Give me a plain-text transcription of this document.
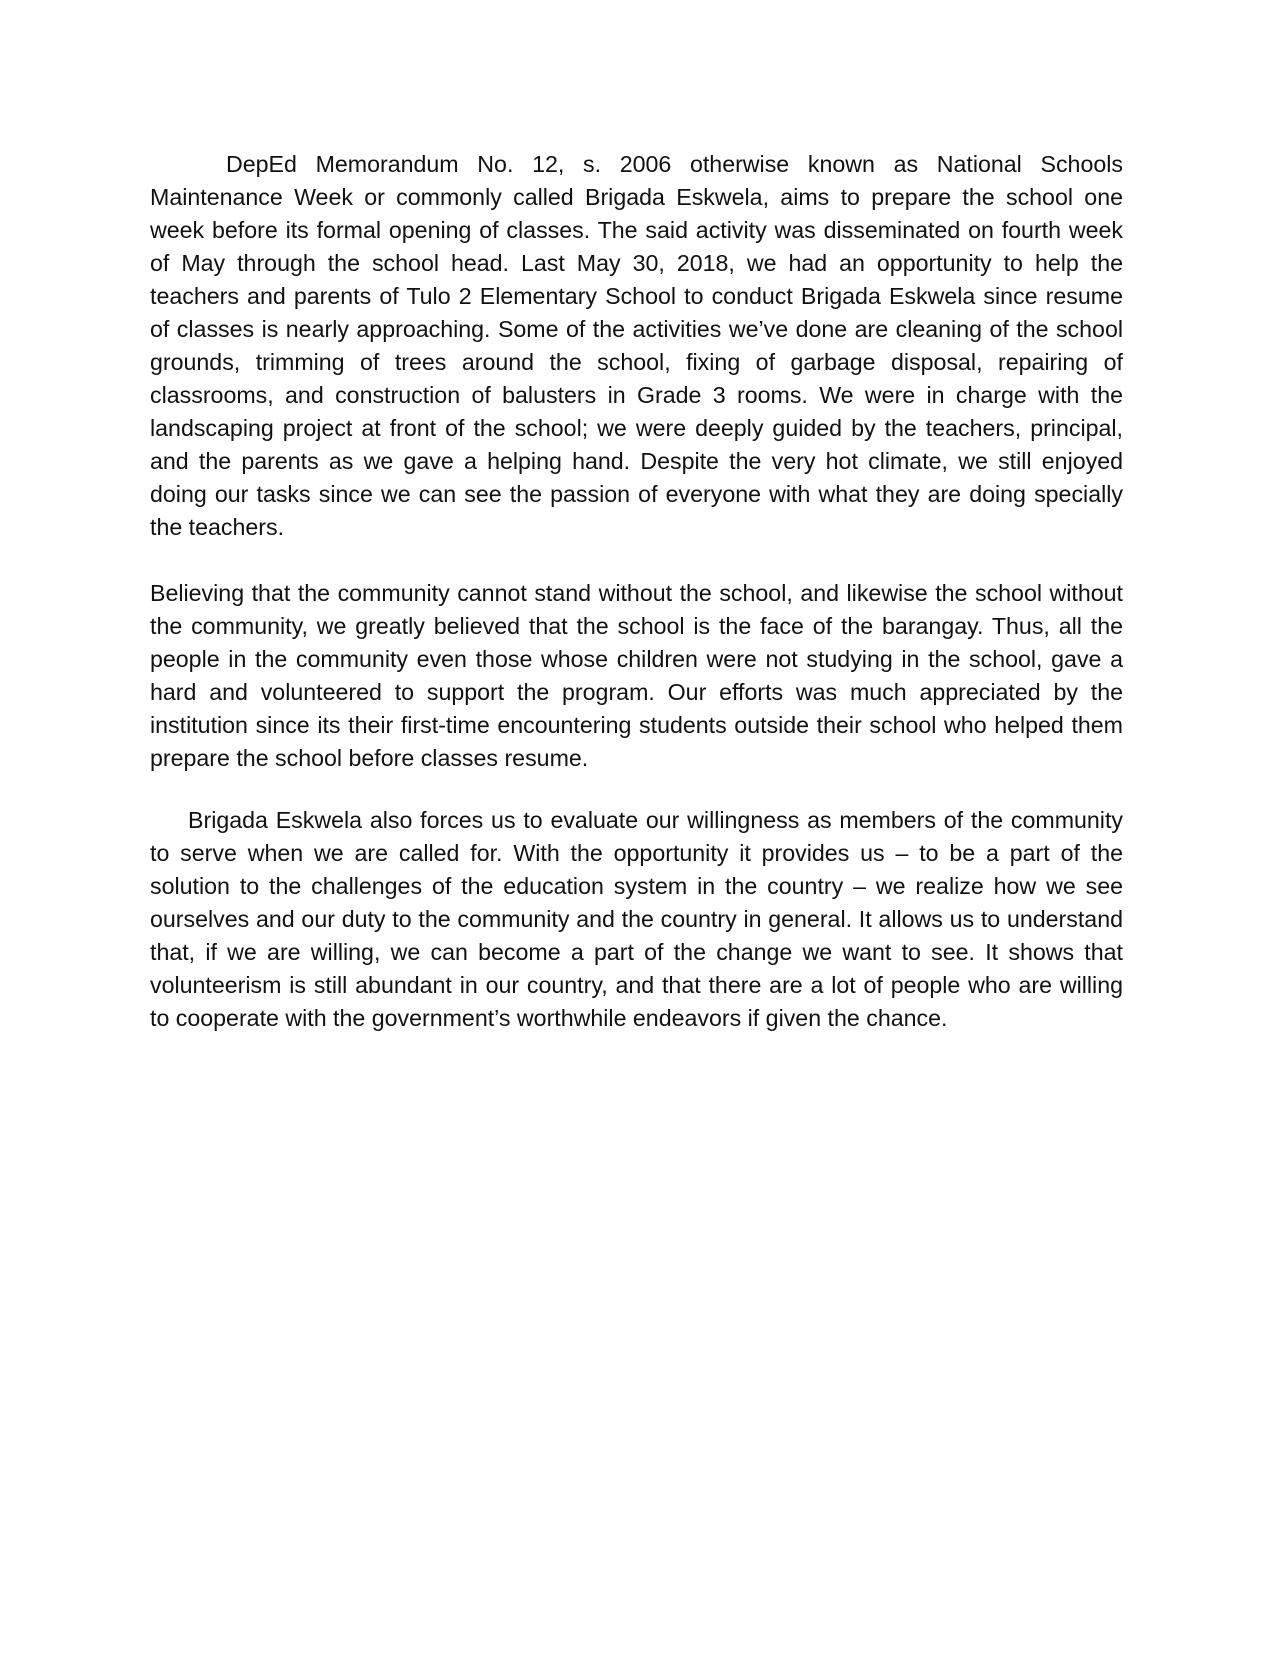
DepEd Memorandum No. 12, s. 2006 otherwise known as National Schools Maintenance Week or commonly called Brigada Eskwela, aims to prepare the school one week before its formal opening of classes. The said activity was disseminated on fourth week of May through the school head. Last May 30, 2018, we had an opportunity to help the teachers and parents of Tulo 2 Elementary School to conduct Brigada Eskwela since resume of classes is nearly approaching. Some of the activities we’ve done are cleaning of the school grounds, trimming of trees around the school, fixing of garbage disposal, repairing of classrooms, and construction of balusters in Grade 3 rooms. We were in charge with the landscaping project at front of the school; we were deeply guided by the teachers, principal, and the parents as we gave a helping hand. Despite the very hot climate, we still enjoyed doing our tasks since we can see the passion of everyone with what they are doing specially the teachers.

Believing that the community cannot stand without the school, and likewise the school without the community, we greatly believed that the school is the face of the barangay. Thus, all the people in the community even those whose children were not studying in the school, gave a hard and volunteered to support the program. Our efforts was much appreciated by the institution since its their first-time encountering students outside their school who helped them prepare the school before classes resume.

Brigada Eskwela also forces us to evaluate our willingness as members of the community to serve when we are called for. With the opportunity it provides us – to be a part of the solution to the challenges of the education system in the country – we realize how we see ourselves and our duty to the community and the country in general. It allows us to understand that, if we are willing, we can become a part of the change we want to see. It shows that volunteerism is still abundant in our country, and that there are a lot of people who are willing to cooperate with the government’s worthwhile endeavors if given the chance.
